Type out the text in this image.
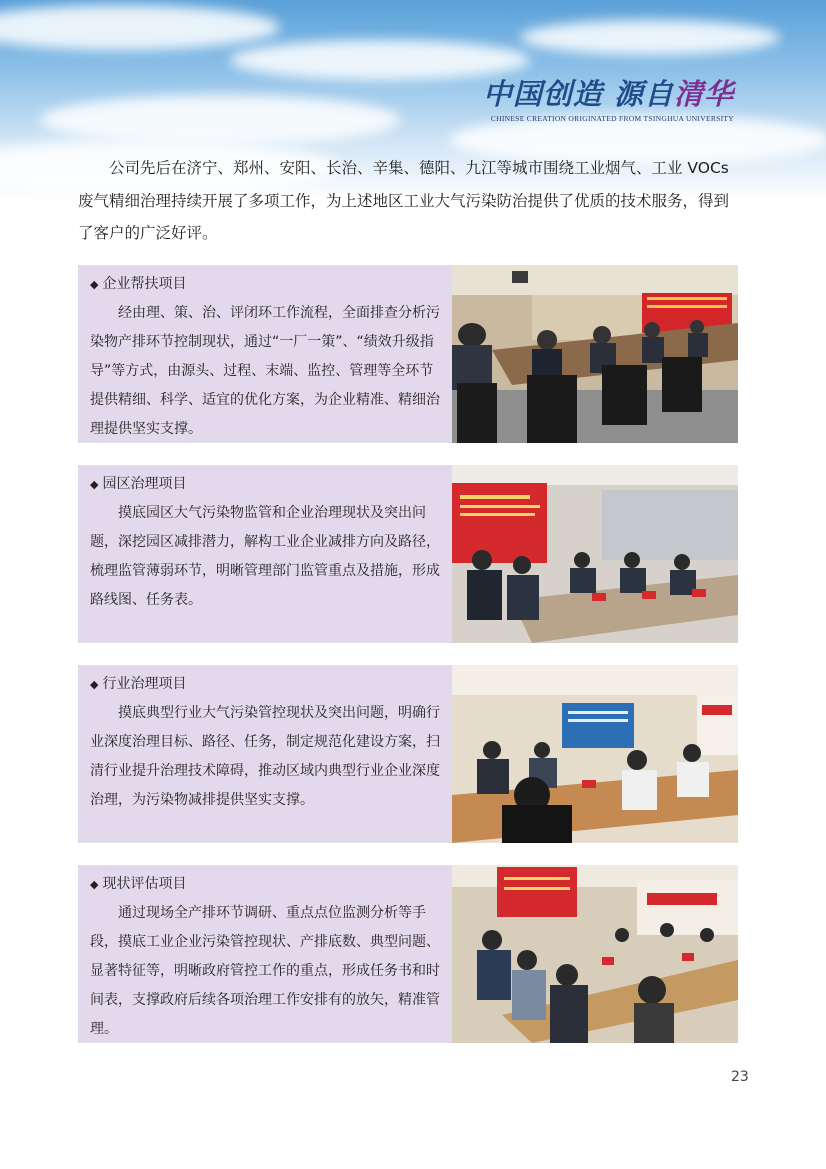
中国创造 源自清华
CHINESE CREATION ORIGINATED FROM TSINGHUA UNIVERSITY
公司先后在济宁、郑州、安阳、长治、辛集、德阳、九江等城市围绕工业烟气、工业 VOCs 废气精细治理持续开展了多项工作，为上述地区工业大气污染防治提供了优质的技术服务，得到了客户的广泛好评。
◆ 企业帮扶项目
经由理、策、治、评闭环工作流程，全面排查分析污染物产排环节控制现状，通过“一厂一策”、“绩效升级指导”等方式，由源头、过程、末端、监控、管理等全环节提供精细、科学、适宜的优化方案，为企业精准、精细治理提供坚实支撑。
◆ 园区治理项目
摸底园区大气污染物监管和企业治理现状及突出问题，深挖园区减排潜力，解构工业企业减排方向及路径，梳理监管薄弱环节，明晰管理部门监管重点及措施，形成路线图、任务表。
◆ 行业治理项目
摸底典型行业大气污染管控现状及突出问题，明确行业深度治理目标、路径、任务，制定规范化建设方案，扫清行业提升治理技术障碍，推动区域内典型行业企业深度治理，为污染物减排提供坚实支撑。
◆ 现状评估项目
通过现场全产排环节调研、重点点位监测分析等手段，摸底工业企业污染管控现状、产排底数、典型问题、显著特征等，明晰政府管控工作的重点，形成任务书和时间表，支撑政府后续各项治理工作安排有的放矢，精准管理。
23
